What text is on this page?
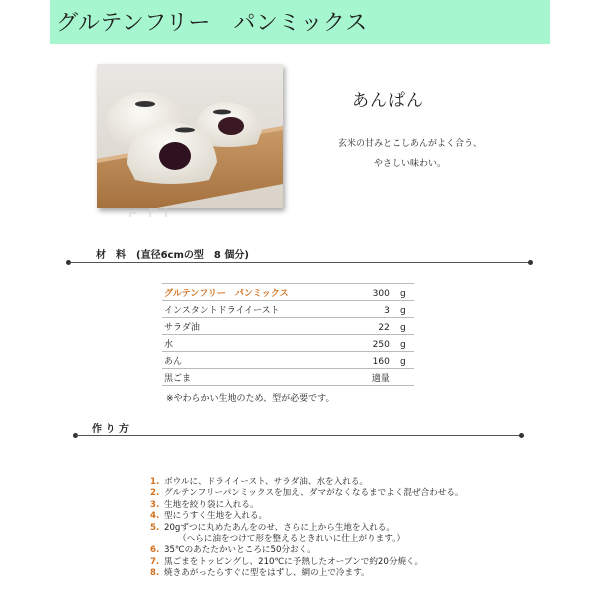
グルテンフリー　パンミックス
あんぱん
玄米の甘みとこしあんがよく合う、
やさしい味わい。
材　料　(直径6cmの型　8 個分)
グルテンフリー　パンミックス	300	g
インスタントドライイースト	3	g
サラダ油	22	g
水	250	g
あん	160	g
黒ごま	適量	
※やわらかい生地のため、型が必要です。
作 り 方
1. ボウルに、ドライイースト、サラダ油、水を入れる。
2. グルテンフリーパンミックスを加え、ダマがなくなるまでよく混ぜ合わせる。
3. 生地を絞り袋に入れる。
4. 型にうすく生地を入れる。
5. 20gずつに丸めたあんをのせ、さらに上から生地を入れる。
（へらに油をつけて形を整えるときれいに仕上がります。）
6. 35℃のあたたかいところに50分おく。
7. 黒ごまをトッピングし、210℃に予熱したオーブンで約20分焼く。
8. 焼きあがったらすぐに型をはずし、網の上で冷ます。
